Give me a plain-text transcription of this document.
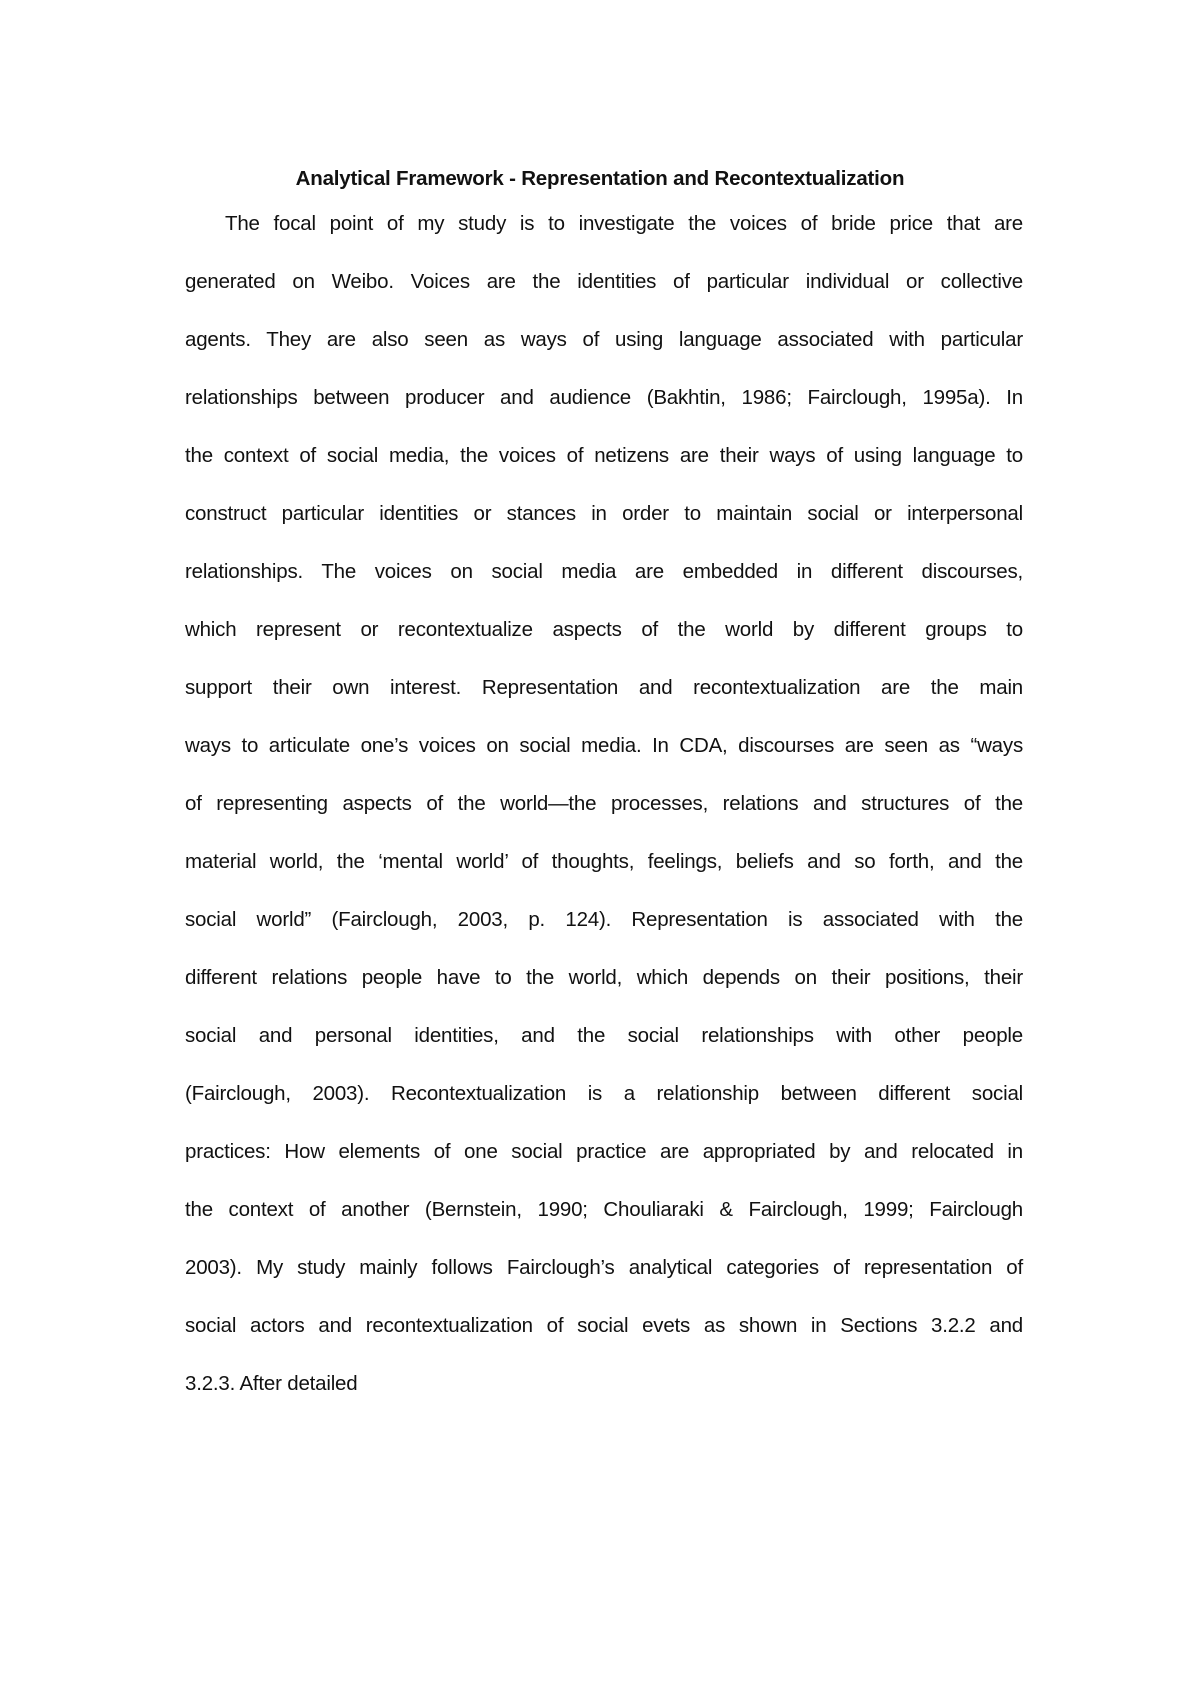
Analytical Framework - Representation and Recontextualization
The focal point of my study is to investigate the voices of bride price that are
generated on Weibo. Voices are the identities of particular individual or collective
agents. They are also seen as ways of using language associated with particular
relationships between producer and audience (Bakhtin, 1986; Fairclough, 1995a). In
the context of social media, the voices of netizens are their ways of using language to
construct particular identities or stances in order to maintain social or interpersonal
relationships. The voices on social media are embedded in different discourses,
which represent or recontextualize aspects of the world by different groups to
support their own interest. Representation and recontextualization are the main
ways to articulate one’s voices on social media. In CDA, discourses are seen as “ways
of representing aspects of the world—the processes, relations and structures of the
material world, the ‘mental world’ of thoughts, feelings, beliefs and so forth, and the
social world” (Fairclough, 2003, p. 124). Representation is associated with the
different relations people have to the world, which depends on their positions, their
social and personal identities, and the social relationships with other people
(Fairclough, 2003). Recontextualization is a relationship between different social
practices: How elements of one social practice are appropriated by and relocated in
the context of another (Bernstein, 1990; Chouliaraki & Fairclough, 1999; Fairclough
2003). My study mainly follows Fairclough’s analytical categories of representation of
social actors and recontextualization of social evets as shown in Sections 3.2.2 and
3.2.3. After detailed
